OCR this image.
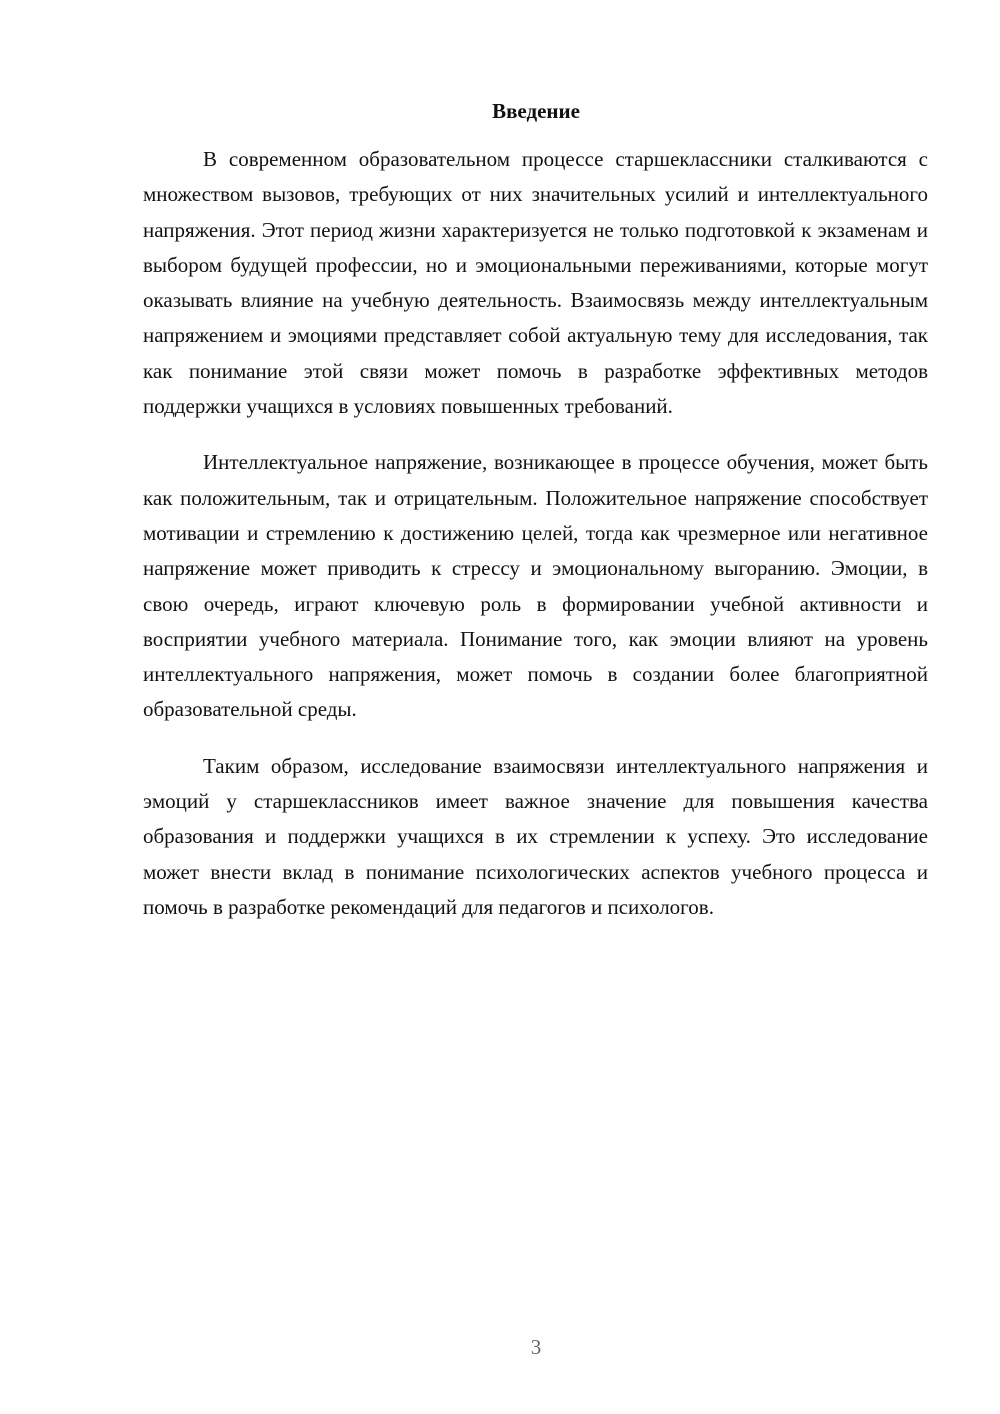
Введение

В современном образовательном процессе старшеклассники сталкиваются с множеством вызовов, требующих от них значительных усилий и интеллектуального напряжения. Этот период жизни характеризуется не только подготовкой к экзаменам и выбором будущей профессии, но и эмоциональными переживаниями, которые могут оказывать влияние на учебную деятельность. Взаимосвязь между интеллектуальным напряжением и эмоциями представляет собой актуальную тему для исследования, так как понимание этой связи может помочь в разработке эффективных методов поддержки учащихся в условиях повышенных требований.

Интеллектуальное напряжение, возникающее в процессе обучения, может быть как положительным, так и отрицательным. Положительное напряжение способствует мотивации и стремлению к достижению целей, тогда как чрезмерное или негативное напряжение может приводить к стрессу и эмоциональному выгоранию. Эмоции, в свою очередь, играют ключевую роль в формировании учебной активности и восприятии учебного материала. Понимание того, как эмоции влияют на уровень интеллектуального напряжения, может помочь в создании более благоприятной образовательной среды.

Таким образом, исследование взаимосвязи интеллектуального напряжения и эмоций у старшеклассников имеет важное значение для повышения качества образования и поддержки учащихся в их стремлении к успеху. Это исследование может внести вклад в понимание психологических аспектов учебного процесса и помочь в разработке рекомендаций для педагогов и психологов.

3
